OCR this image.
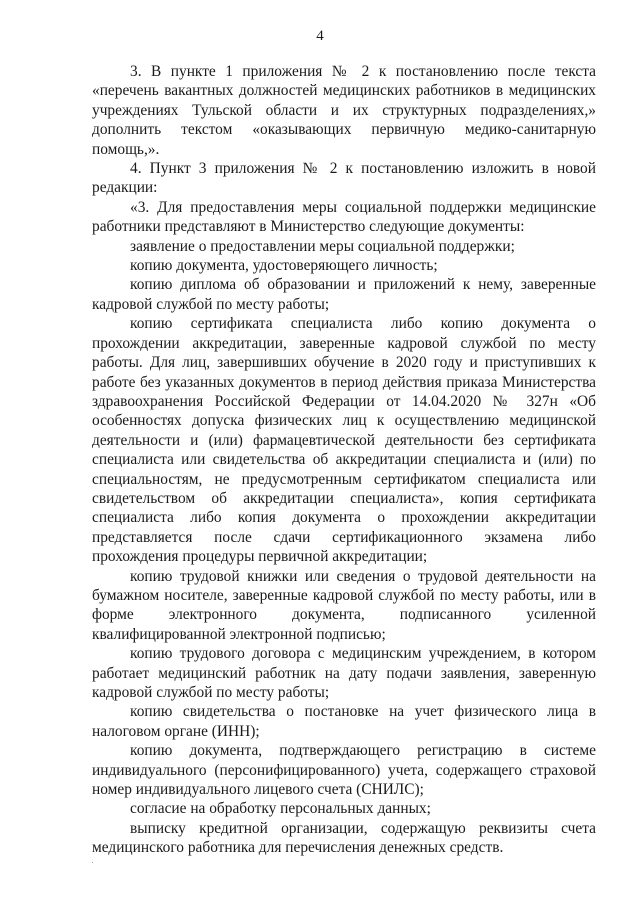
4

3. В пункте 1 приложения № 2 к постановлению после текста «перечень вакантных должностей медицинских работников в медицинских учреждениях Тульской области и их структурных подразделениях,» дополнить текстом «оказывающих первичную медико-санитарную помощь,».

4. Пункт 3 приложения № 2 к постановлению изложить в новой редакции:

«3. Для предоставления меры социальной поддержки медицинские работники представляют в Министерство следующие документы:

заявление о предоставлении меры социальной поддержки;

копию документа, удостоверяющего личность;

копию диплома об образовании и приложений к нему, заверенные кадровой службой по месту работы;

копию сертификата специалиста либо копию документа о прохождении аккредитации, заверенные кадровой службой по месту работы. Для лиц, завершивших обучение в 2020 году и приступивших к работе без указанных документов в период действия приказа Министерства здравоохранения Российской Федерации от 14.04.2020 № 327н «Об особенностях допуска физических лиц к осуществлению медицинской деятельности и (или) фармацевтической деятельности без сертификата специалиста или свидетельства об аккредитации специалиста и (или) по специальностям, не предусмотренным сертификатом специалиста или свидетельством об аккредитации специалиста», копия сертификата специалиста либо копия документа о прохождении аккредитации представляется после сдачи сертификационного экзамена либо прохождения процедуры первичной аккредитации;

копию трудовой книжки или сведения о трудовой деятельности на бумажном носителе, заверенные кадровой службой по месту работы, или в форме электронного документа, подписанного усиленной квалифицированной электронной подписью;

копию трудового договора с медицинским учреждением, в котором работает медицинский работник на дату подачи заявления, заверенную кадровой службой по месту работы;

копию свидетельства о постановке на учет физического лица в налоговом органе (ИНН);

копию документа, подтверждающего регистрацию в системе индивидуального (персонифицированного) учета, содержащего страховой номер индивидуального лицевого счета (СНИЛС);

согласие на обработку персональных данных;

выписку кредитной организации, содержащую реквизиты счета медицинского работника для перечисления денежных средств.
